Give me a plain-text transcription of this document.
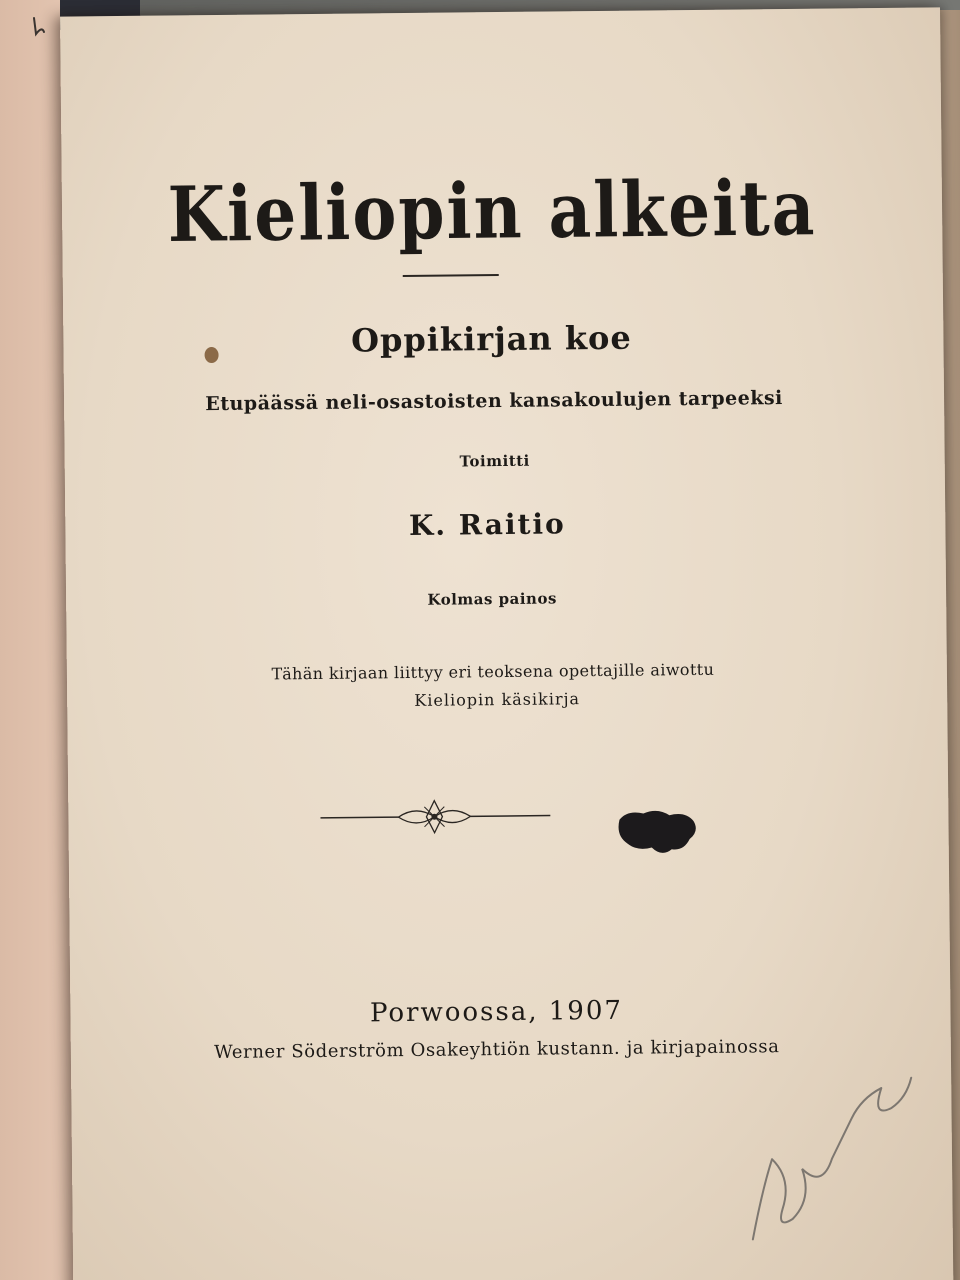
Kieliopin alkeita
Oppikirjan koe
Etupäässä neli-osastoisten kansakoulujen tarpeeksi
Toimitti
K. Raitio
Kolmas painos
Tähän kirjaan liittyy eri teoksena opettajille aiwottu
Kieliopin käsikirja
Porwoossa, 1907
Werner Söderström Osakeyhtiön kustann. ja kirjapainossa
